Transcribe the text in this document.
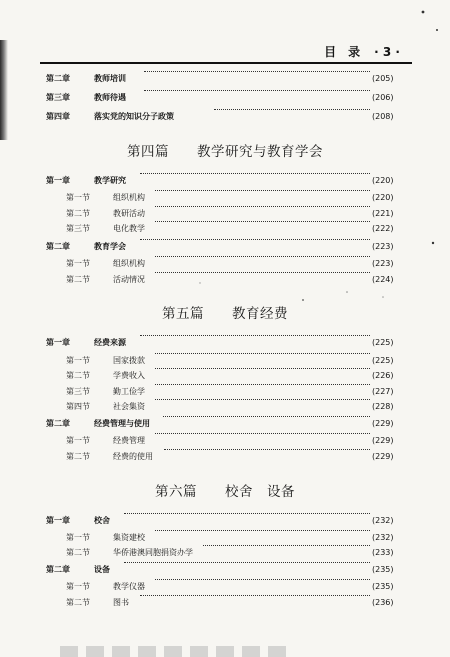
目　录 · 3 ·
第二章	教师培训	(205)
第三章	教师待遇	(206)
第四章	落实党的知识分子政策	(208)
第四篇 教学研究与教育学会
第一章	教学研究	(220)
第一节	组织机构	(220)
第二节	教研活动	(221)
第三节	电化教学	(222)
第二章	教育学会	(223)
第一节	组织机构	(223)
第二节	活动情况	(224)
第五篇 教育经费
第一章	经费来源	(225)
第一节	国家拨款	(225)
第二节	学费收入	(226)
第三节	勤工俭学	(227)
第四节	社会集资	(228)
第二章	经费管理与使用	(229)
第一节	经费管理	(229)
第二节	经费的使用	(229)
第六篇 校舍　设备
第一章	校舍	(232)
第一节	集资建校	(232)
第二节	华侨港澳同胞捐资办学	(233)
第二章	设备	(235)
第一节	教学仪器	(235)
第二节	图书	(236)
